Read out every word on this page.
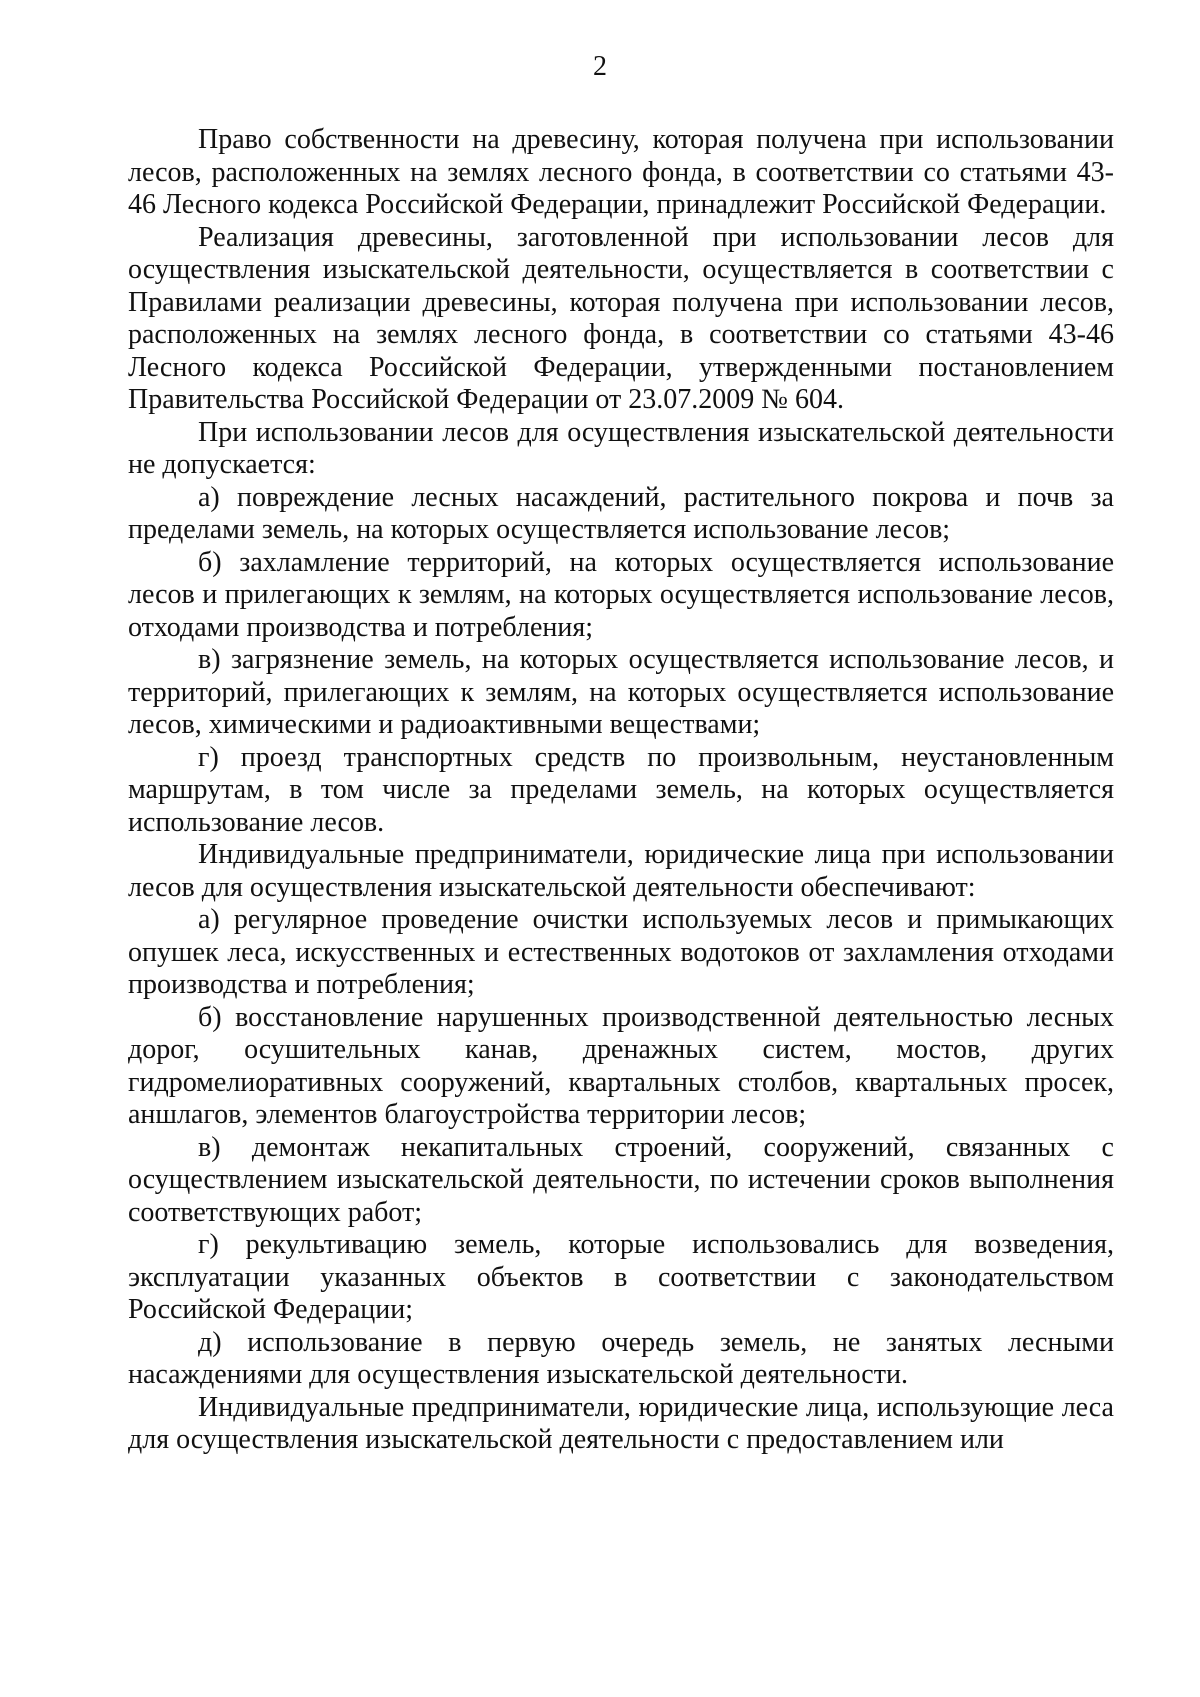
2

Право собственности на древесину, которая получена при использовании лесов, расположенных на землях лесного фонда, в соответствии со статьями 43-46 Лесного кодекса Российской Федерации, принадлежит Российской Федерации.

Реализация древесины, заготовленной при использовании лесов для осуществления изыскательской деятельности, осуществляется в соответствии с Правилами реализации древесины, которая получена при использовании лесов, расположенных на землях лесного фонда, в соответствии со статьями 43-46 Лесного кодекса Российской Федерации, утвержденными постановлением Правительства Российской Федерации от 23.07.2009 № 604.

При использовании лесов для осуществления изыскательской деятельности не допускается:

а) повреждение лесных насаждений, растительного покрова и почв за пределами земель, на которых осуществляется использование лесов;

б) захламление территорий, на которых осуществляется использование лесов и прилегающих к землям, на которых осуществляется использование лесов, отходами производства и потребления;

в) загрязнение земель, на которых осуществляется использование лесов, и территорий, прилегающих к землям, на которых осуществляется использование лесов, химическими и радиоактивными веществами;

г) проезд транспортных средств по произвольным, неустановленным маршрутам, в том числе за пределами земель, на которых осуществляется использование лесов.

Индивидуальные предприниматели, юридические лица при использовании лесов для осуществления изыскательской деятельности обеспечивают:

а) регулярное проведение очистки используемых лесов и примыкающих опушек леса, искусственных и естественных водотоков от захламления отходами производства и потребления;

б) восстановление нарушенных производственной деятельностью лесных дорог, осушительных канав, дренажных систем, мостов, других гидромелиоративных сооружений, квартальных столбов, квартальных просек, аншлагов, элементов благоустройства территории лесов;

в) демонтаж некапитальных строений, сооружений, связанных с осуществлением изыскательской деятельности, по истечении сроков выполнения соответствующих работ;

г) рекультивацию земель, которые использовались для возведения, эксплуатации указанных объектов в соответствии с законодательством Российской Федерации;

д) использование в первую очередь земель, не занятых лесными насаждениями для осуществления изыскательской деятельности.

Индивидуальные предприниматели, юридические лица, использующие леса для осуществления изыскательской деятельности с предоставлением или
